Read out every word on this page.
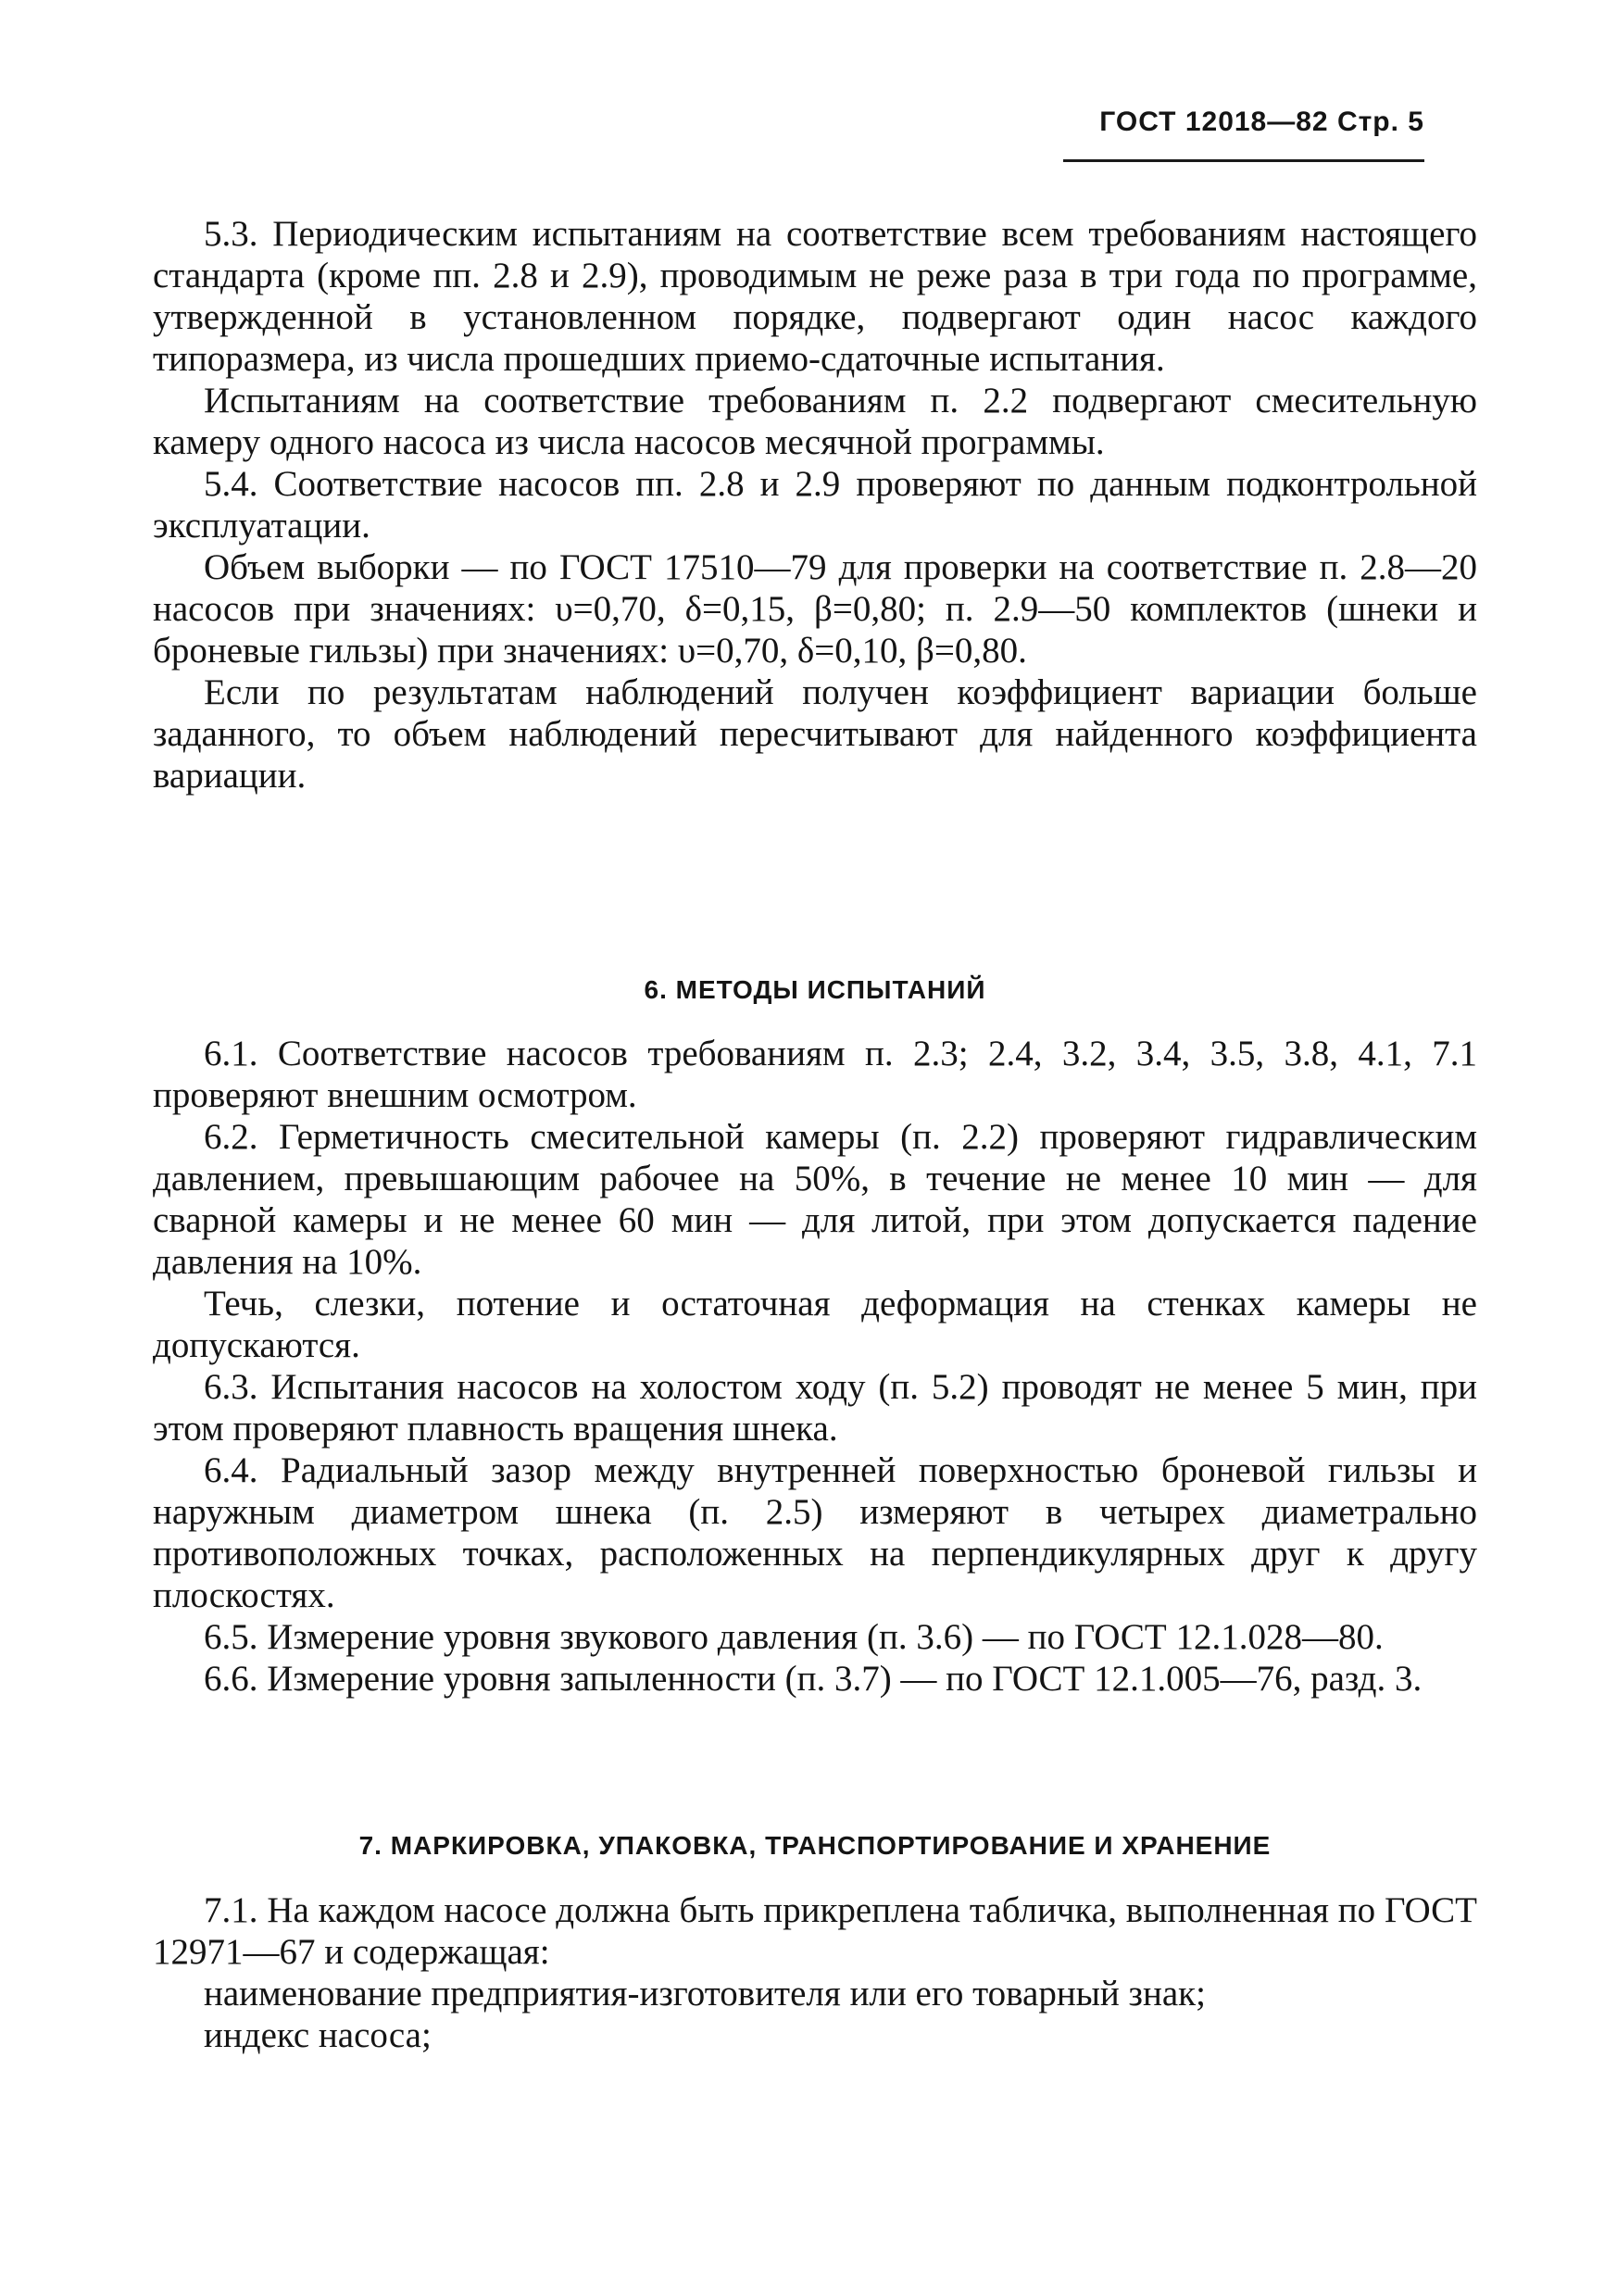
ГОСТ 12018—82 Стр. 5

5.3. Периодическим испытаниям на соответствие всем требованиям настоящего стандарта (кроме пп. 2.8 и 2.9), проводимым не реже раза в три года по программе, утвержденной в установленном порядке, подвергают один насос каждого типоразмера, из числа прошедших приемо-сдаточные испытания.

Испытаниям на соответствие требованиям п. 2.2 подвергают смесительную камеру одного насоса из числа насосов месячной программы.

5.4. Соответствие насосов пп. 2.8 и 2.9 проверяют по данным подконтрольной эксплуатации.

Объем выборки — по ГОСТ 17510—79 для проверки на соответствие п. 2.8—20 насосов при значениях: υ=0,70, δ=0,15, β=0,80; п. 2.9—50 комплектов (шнеки и броневые гильзы) при значениях: υ=0,70, δ=0,10, β=0,80.

Если по результатам наблюдений получен коэффициент вариации больше заданного, то объем наблюдений пересчитывают для найденного коэффициента вариации.

6. МЕТОДЫ ИСПЫТАНИЙ

6.1. Соответствие насосов требованиям п. 2.3; 2.4, 3.2, 3.4, 3.5, 3.8, 4.1, 7.1 проверяют внешним осмотром.

6.2. Герметичность смесительной камеры (п. 2.2) проверяют гидравлическим давлением, превышающим рабочее на 50%, в течение не менее 10 мин — для сварной камеры и не менее 60 мин — для литой, при этом допускается падение давления на 10%.

Течь, слезки, потение и остаточная деформация на стенках камеры не допускаются.

6.3. Испытания насосов на холостом ходу (п. 5.2) проводят не менее 5 мин, при этом проверяют плавность вращения шнека.

6.4. Радиальный зазор между внутренней поверхностью броневой гильзы и наружным диаметром шнека (п. 2.5) измеряют в четырех диаметрально противоположных точках, расположенных на перпендикулярных друг к другу плоскостях.

6.5. Измерение уровня звукового давления (п. 3.6) — по ГОСТ 12.1.028—80.

6.6. Измерение уровня запыленности (п. 3.7) — по ГОСТ 12.1.005—76, разд. 3.

7. МАРКИРОВКА, УПАКОВКА, ТРАНСПОРТИРОВАНИЕ И ХРАНЕНИЕ

7.1. На каждом насосе должна быть прикреплена табличка, выполненная по ГОСТ 12971—67 и содержащая:

наименование предприятия-изготовителя или его товарный знак;

индекс насоса;
